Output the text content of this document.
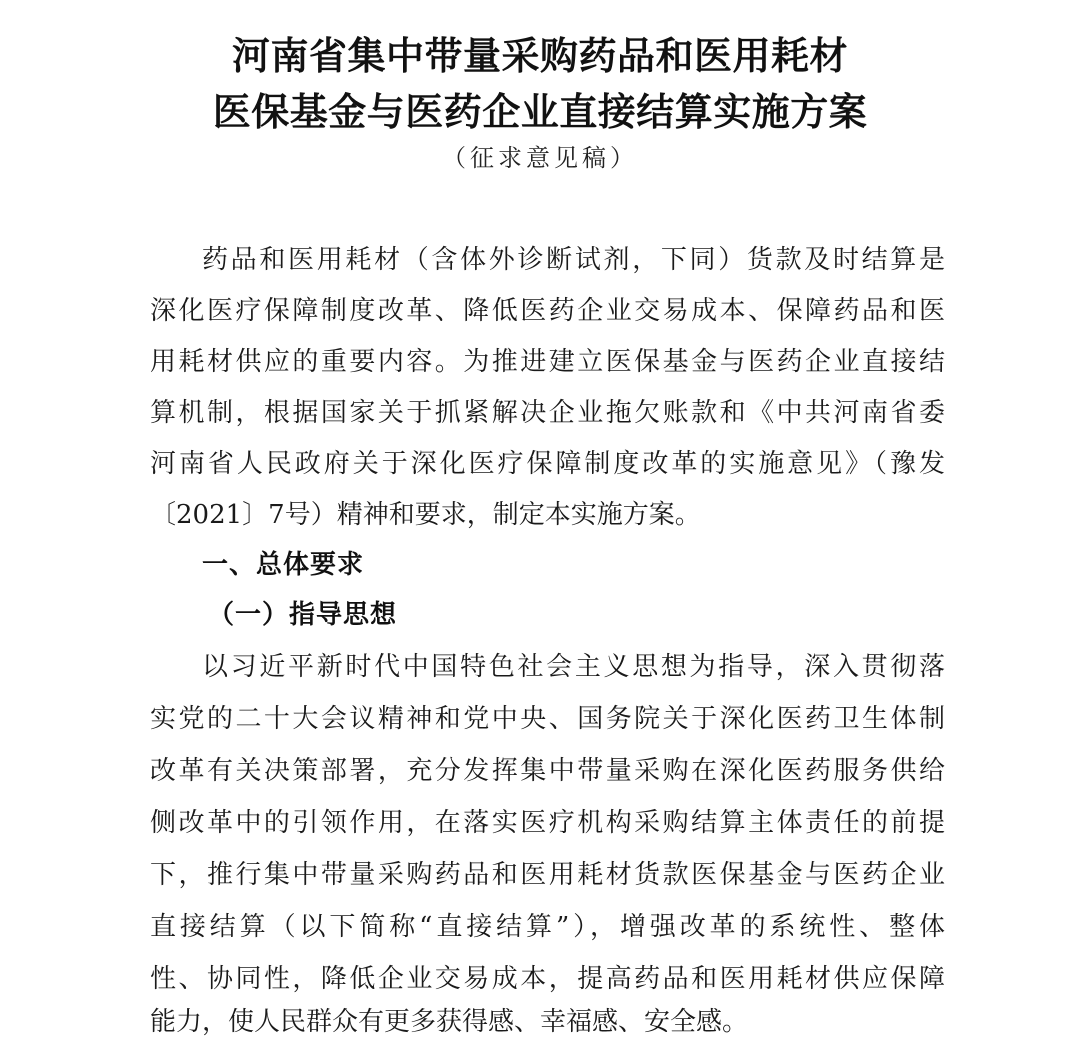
河南省集中带量采购药品和医用耗材
医保基金与医药企业直接结算实施方案
（征求意见稿）
药品和医用耗材（含体外诊断试剂，下同）货款及时结算是
深化医疗保障制度改革、降低医药企业交易成本、保障药品和医
用耗材供应的重要内容。为推进建立医保基金与医药企业直接结
算机制，根据国家关于抓紧解决企业拖欠账款和《中共河南省委
河南省人民政府关于深化医疗保障制度改革的实施意见》（豫发
〔2021〕7号）精神和要求，制定本实施方案。
一、总体要求
（一）指导思想
以习近平新时代中国特色社会主义思想为指导，深入贯彻落
实党的二十大会议精神和党中央、国务院关于深化医药卫生体制
改革有关决策部署，充分发挥集中带量采购在深化医药服务供给
侧改革中的引领作用，在落实医疗机构采购结算主体责任的前提
下，推行集中带量采购药品和医用耗材货款医保基金与医药企业
直接结算（以下简称“直接结算”），增强改革的系统性、整体
性、协同性，降低企业交易成本，提高药品和医用耗材供应保障
能力，使人民群众有更多获得感、幸福感、安全感。
